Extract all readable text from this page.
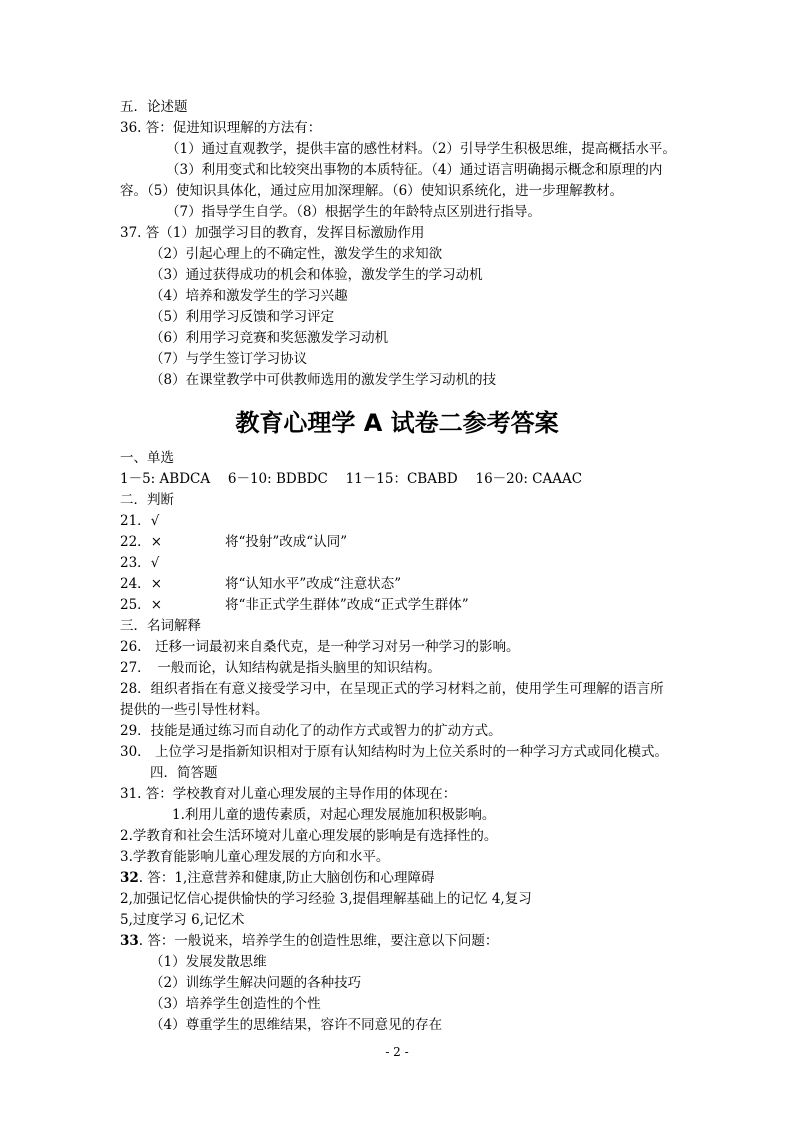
五．论述题
36. 答：促进知识理解的方法有：
（1）通过直观教学，提供丰富的感性材料。（2）引导学生积极思维，提高概括水平。
（3）利用变式和比较突出事物的本质特征。（4）通过语言明确揭示概念和原理的内
容。（5）使知识具体化，通过应用加深理解。（6）使知识系统化，进一步理解教材。
（7）指导学生自学。（8）根据学生的年龄特点区别进行指导。
37. 答（1）加强学习目的教育，发挥目标激励作用
（2）引起心理上的不确定性，激发学生的求知欲
（3）通过获得成功的机会和体验，激发学生的学习动机
（4）培养和激发学生的学习兴趣
（5）利用学习反馈和学习评定
（6）利用学习竞赛和奖惩激发学习动机
（7）与学生签订学习协议
（8）在课堂教学中可供教师选用的激发学生学习动机的技
教育心理学 A 试卷二参考答案
一、单选
1－5: ABDCA　 6－10: BDBDC　 11－15：CBABD　 16－20: CAAAC
二．判断
21．√
22．×	将“投射”改成“认同”
23．√
24．×	将“认知水平”改成“注意状态”
25．×	将“非正式学生群体”改成“正式学生群体”
三．名词解释
26.　迁移一词最初来自桑代克，是一种学习对另一种学习的影响。
27．　一般而论，认知结构就是指头脑里的知识结构。
28．组织者指在有意义接受学习中，在呈现正式的学习材料之前，使用学生可理解的语言所
提供的一些引导性材料。
29．技能是通过练习而自动化了的动作方式或智力的扩动方式。
30． 上位学习是指新知识相对于原有认知结构时为上位关系时的一种学习方式或同化模式。
四．简答题
31. 答：学校教育对儿童心理发展的主导作用的体现在：
1.利用儿童的遗传素质，对起心理发展施加积极影响。
2.学教育和社会生活环境对儿童心理发展的影响是有选择性的。
3.学教育能影响儿童心理发展的方向和水平。
32. 答：1,注意营养和健康,防止大脑创伤和心理障碍
2,加强记忆信心提供愉快的学习经验 3,提倡理解基础上的记忆 4,复习
5,过度学习 6,记忆术
33. 答：一般说来，培养学生的创造性思维，要注意以下问题：
（1）发展发散思维
（2）训练学生解决问题的各种技巧
（3）培养学生创造性的个性
（4）尊重学生的思维结果，容许不同意见的存在
- 2 -
